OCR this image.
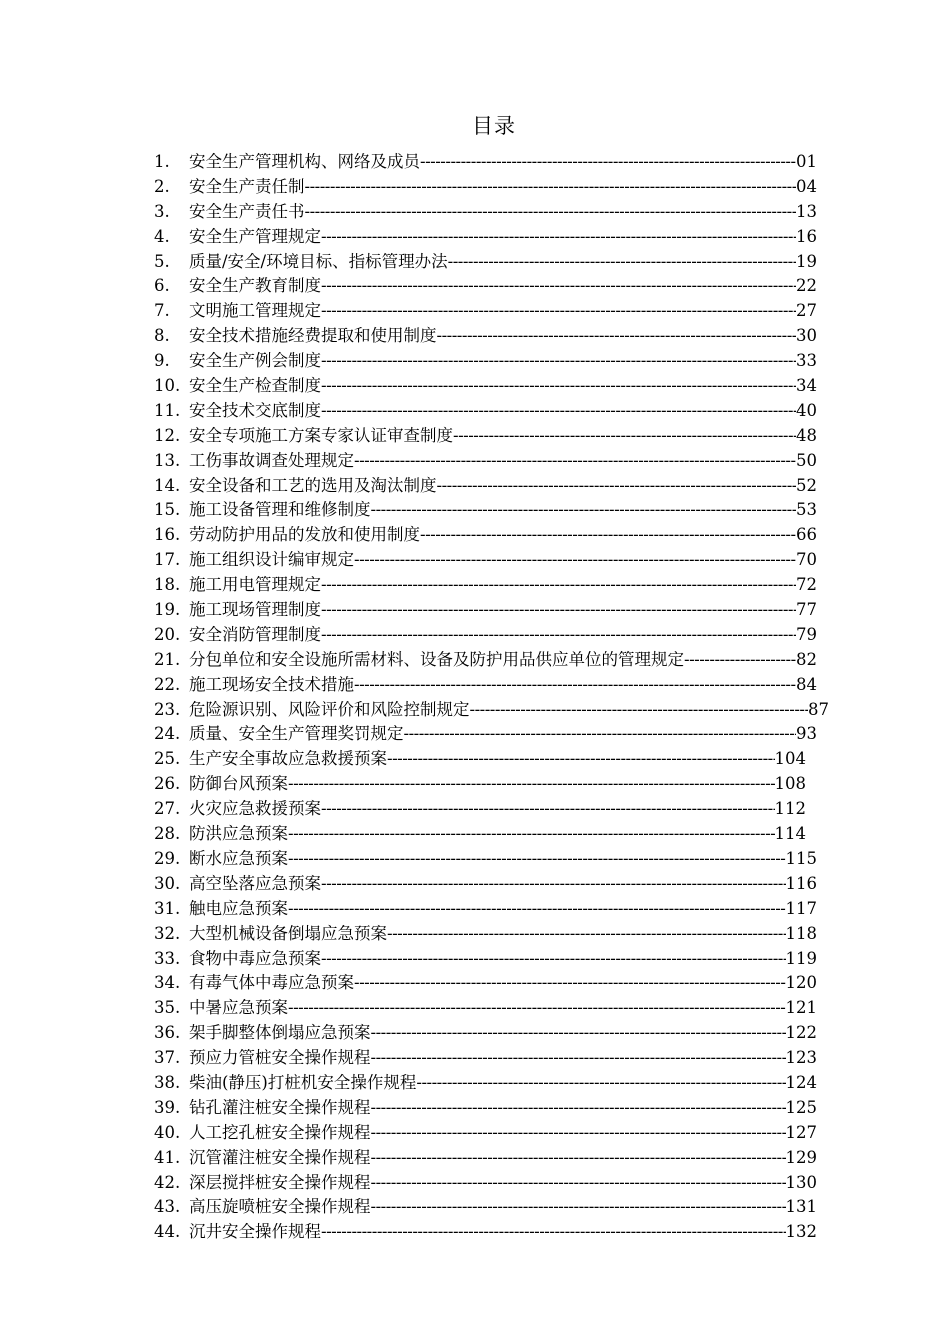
目录
1.	安全生产管理机构、网络及成员 -----	01
2.	安全生产责任制 -----	04
3.	安全生产责任书 -----	13
4.	安全生产管理规定 -----	16
5.	质量/安全/环境目标、指标管理办法 -----	19
6.	安全生产教育制度 -----	22
7.	文明施工管理规定 -----	27
8.	安全技术措施经费提取和使用制度 -----	30
9.	安全生产例会制度 -----	33
10. 安全生产检查制度 -----	34
11. 安全技术交底制度 -----	40
12. 安全专项施工方案专家认证审查制度 -----	48
13. 工伤事故调查处理规定 -----	50
14. 安全设备和工艺的选用及淘汰制度 -----	52
15. 施工设备管理和维修制度 -----	53
16. 劳动防护用品的发放和使用制度 -----	66
17. 施工组织设计编审规定 -----	70
18. 施工用电管理规定 -----	72
19. 施工现场管理制度 -----	77
20. 安全消防管理制度 -----	79
21. 分包单位和安全设施所需材料、设备及防护用品供应单位的管理规定 -----	82
22. 施工现场安全技术措施 -----	84
23. 危险源识别、风险评价和风险控制规定 -----	87
24. 质量、安全生产管理奖罚规定 -----	93
25. 生产安全事故应急救援预案 -----	104
26. 防御台风预案 -----	108
27. 火灾应急救援预案 -----	112
28. 防洪应急预案 -----	114
29. 断水应急预案 -----	115
30. 高空坠落应急预案 -----	116
31. 触电应急预案 -----	117
32. 大型机械设备倒塌应急预案 -----	118
33. 食物中毒应急预案 -----	119
34. 有毒气体中毒应急预案 -----	120
35. 中暑应急预案 -----	121
36. 架手脚整体倒塌应急预案 -----	122
37. 预应力管桩安全操作规程 -----	123
38. 柴油(静压)打桩机安全操作规程 -----	124
39. 钻孔灌注桩安全操作规程 -----	125
40. 人工挖孔桩安全操作规程 -----	127
41. 沉管灌注桩安全操作规程 -----	129
42. 深层搅拌桩安全操作规程 -----	130
43. 高压旋喷桩安全操作规程 -----	131
44. 沉井安全操作规程 -----	132
